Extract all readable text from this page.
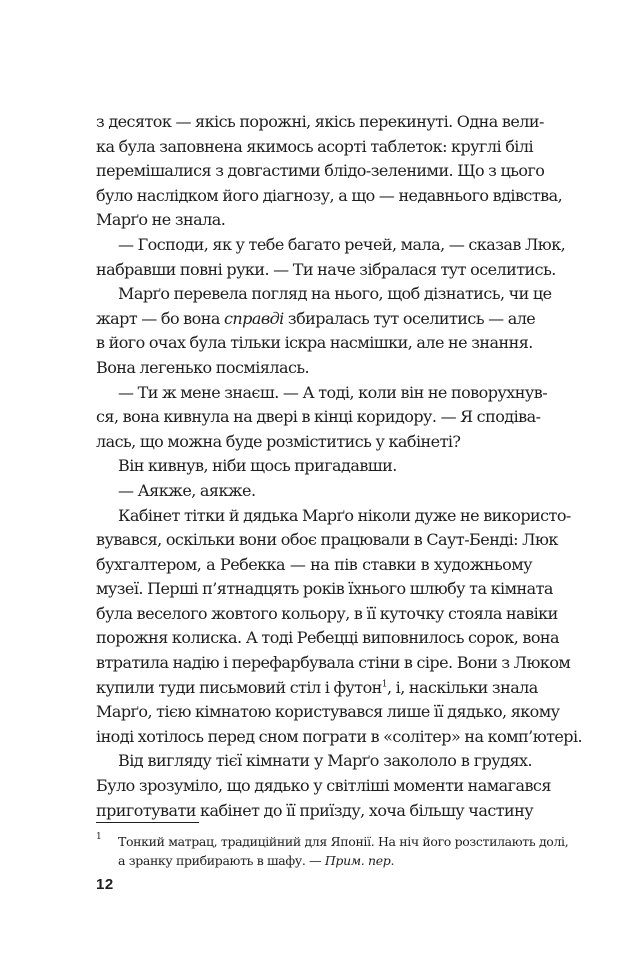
з десяток — якісь порожні, якісь перекинуті. Одна вели-
ка була заповнена якимось асорті таблеток: круглі білі
перемішалися з довгастими блідо-зеленими. Що з цього
було наслідком його діагнозу, а що — недавнього вдівства,
Марґо не знала.
— Господи, як у тебе багато речей, мала, — сказав Люк,
набравши повні руки. — Ти наче зібралася тут оселитись.
Марґо перевела погляд на нього, щоб дізнатись, чи це
жарт — бо вона справді збиралась тут оселитись — але
в його очах була тільки іскра насмішки, але не знання.
Вона легенько посміялась.
— Ти ж мене знаєш. — А тоді, коли він не поворухнув-
ся, вона кивнула на двері в кінці коридору. — Я сподіва-
лась, що можна буде розміститись у кабінеті?
Він кивнув, ніби щось пригадавши.
— Аякже, аякже.
Кабінет тітки й дядька Марґо ніколи дуже не використо-
вувався, оскільки вони обоє працювали в Саут-Бенді: Люк
бухгалтером, а Ребекка — на пів ставки в художньому
музеї. Перші п’ятнадцять років їхнього шлюбу та кімната
була веселого жовтого кольору, в її куточку стояла навіки
порожня колиска. А тоді Ребецці виповнилось сорок, вона
втратила надію і перефарбувала стіни в сіре. Вони з Люком
купили туди письмовий стіл і футон$^1$, і, наскільки знала
Марґо, тією кімнатою користувався лише її дядько, якому
іноді хотілось перед сном пограти в «солітер» на комп’ютері.
Від вигляду тієї кімнати у Марґо закололо в грудях.
Було зрозуміло, що дядько у світліші моменти намагався
приготувати кабінет до її приїзду, хоча більшу частину
1	Тонкий матрац, традиційний для Японії. На ніч його розстилають долі,
а зранку прибирають в шафу. — Прим. пер.
12
